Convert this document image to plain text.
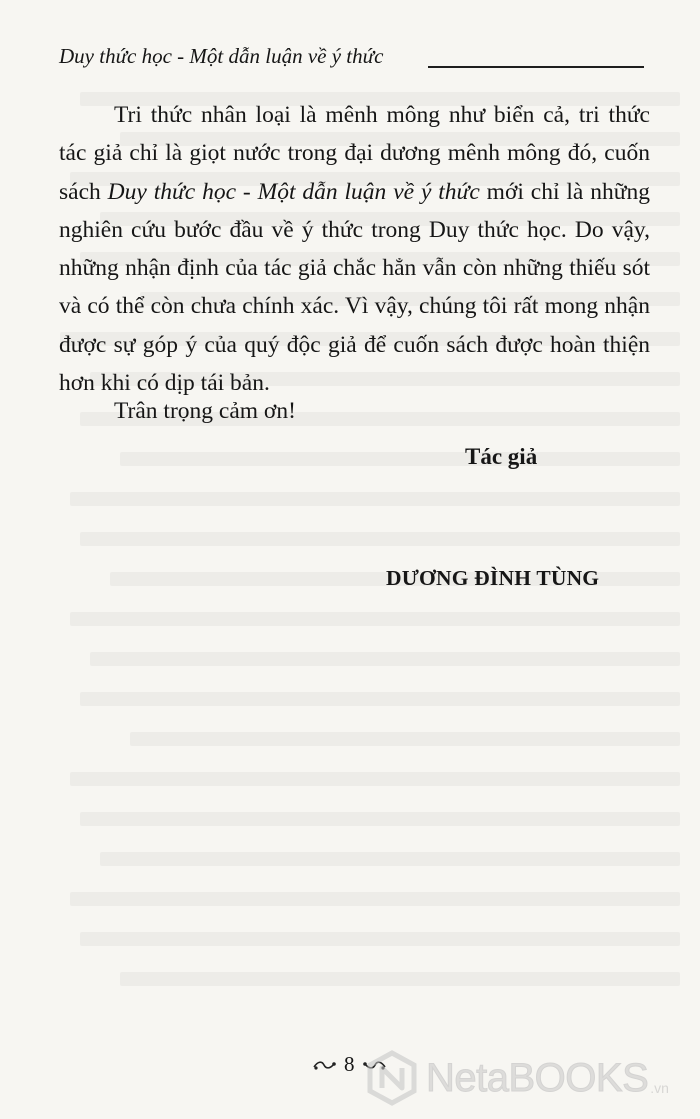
Duy thức học - Một dẫn luận về ý thức

Tri thức nhân loại là mênh mông như biển cả, tri thức tác giả chỉ là giọt nước trong đại dương mênh mông đó, cuốn sách Duy thức học - Một dẫn luận về ý thức mới chỉ là những nghiên cứu bước đầu về ý thức trong Duy thức học. Do vậy, những nhận định của tác giả chắc hẳn vẫn còn những thiếu sót và có thể còn chưa chính xác. Vì vậy, chúng tôi rất mong nhận được sự góp ý của quý độc giả để cuốn sách được hoàn thiện hơn khi có dịp tái bản.

Trân trọng cảm ơn!
Tác giả
DƯƠNG ĐÌNH TÙNG
8 NetaBOOKS .vn
